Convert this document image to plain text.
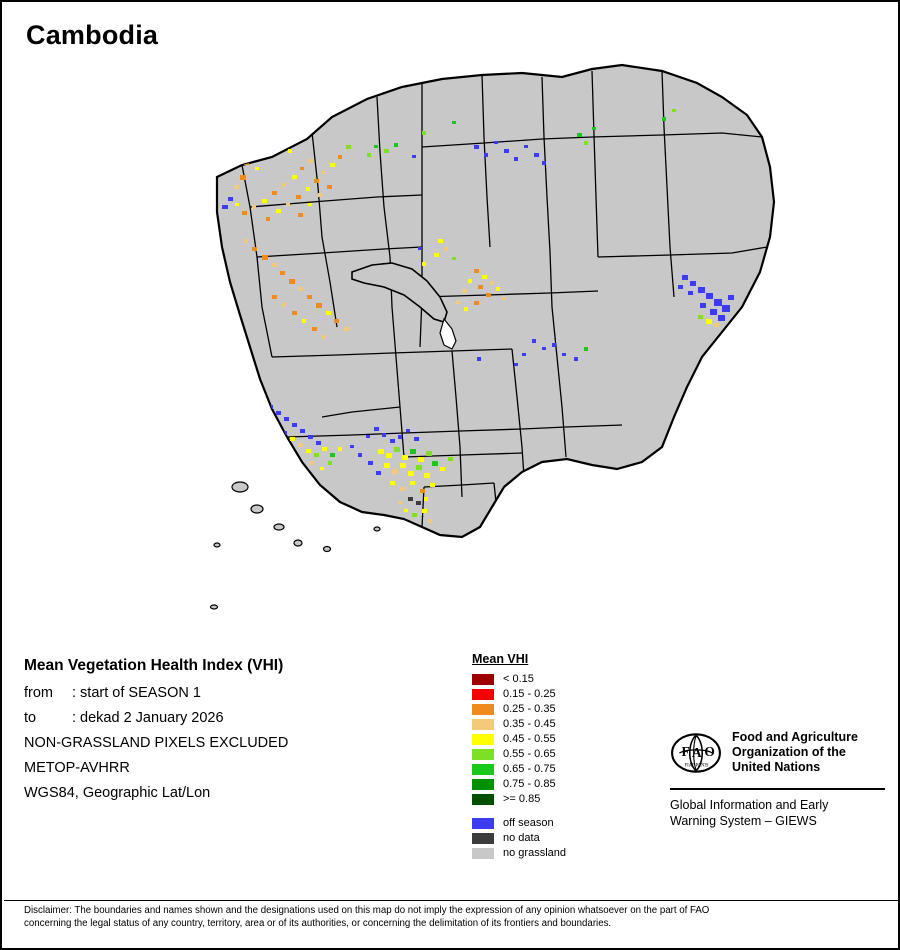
Cambodia
Mean Vegetation Health Index (VHI)
from : start of SEASON 1
to : dekad 2 January 2026
NON-GRASSLAND PIXELS EXCLUDED
METOP-AVHRR
WGS84, Geographic Lat/Lon
Mean VHI
< 0.15
0.15 - 0.25
0.25 - 0.35
0.35 - 0.45
0.45 - 0.55
0.55 - 0.65
0.65 - 0.75
0.75 - 0.85
>= 0.85
off season
no data
no grassland
F A O
FIAT PANIS
Food and Agriculture
Organization of the
United Nations
Global Information and Early
Warning System – GIEWS
Disclaimer: The boundaries and names shown and the designations used on this map do not imply the expression of any opinion whatsoever on the part of FAO
concerning the legal status of any country, territory, area or of its authorities, or concerning the delimitation of its frontiers and boundaries.
